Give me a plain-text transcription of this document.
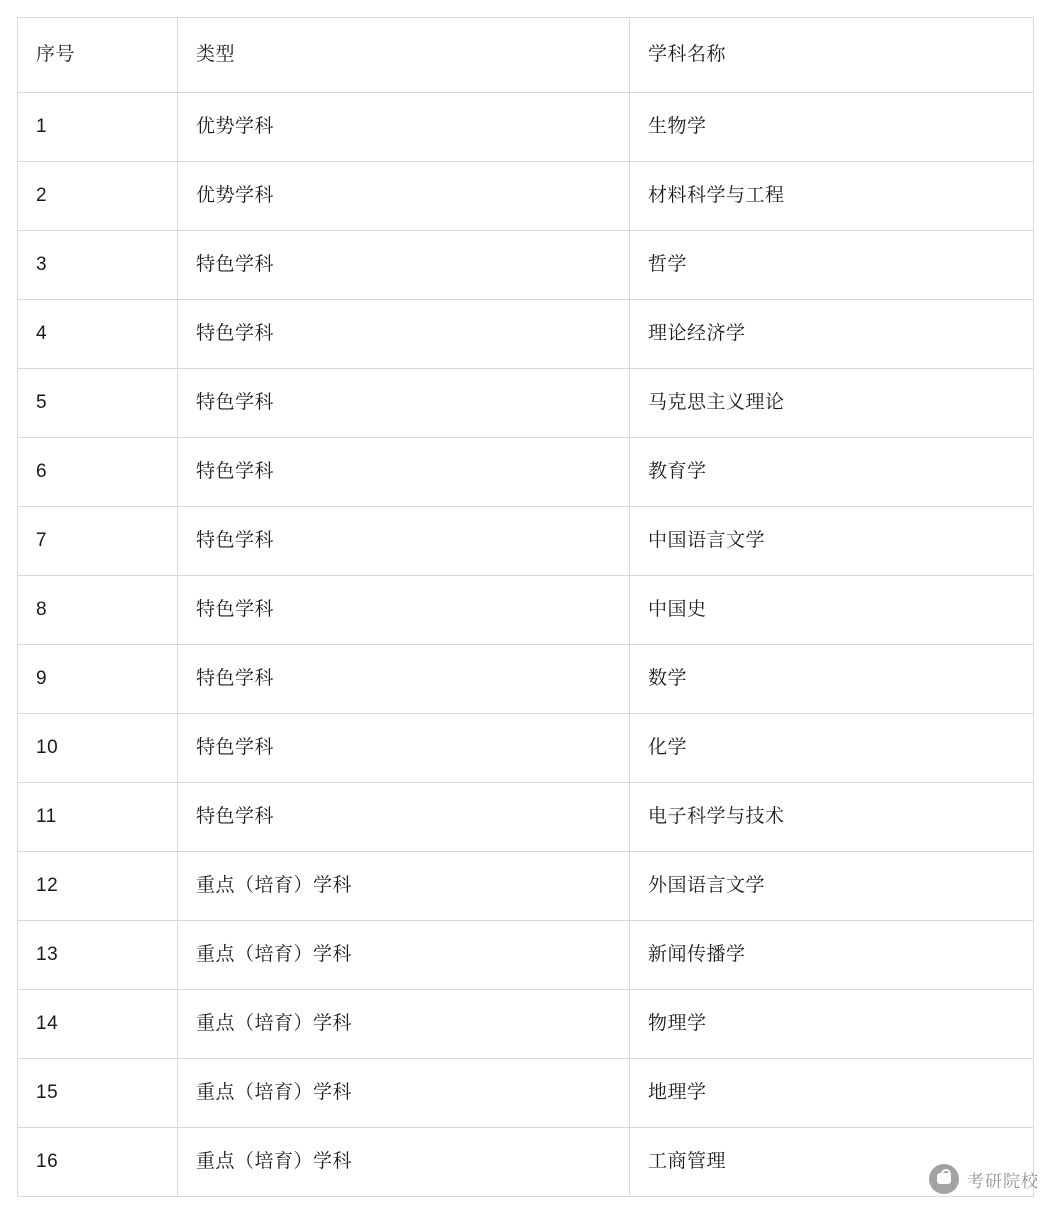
序号	类型	学科名称
1	优势学科	生物学
2	优势学科	材料科学与工程
3	特色学科	哲学
4	特色学科	理论经济学
5	特色学科	马克思主义理论
6	特色学科	教育学
7	特色学科	中国语言文学
8	特色学科	中国史
9	特色学科	数学
10	特色学科	化学
11	特色学科	电子科学与技术
12	重点（培育）学科	外国语言文学
13	重点（培育）学科	新闻传播学
14	重点（培育）学科	物理学
15	重点（培育）学科	地理学
16	重点（培育）学科	工商管理
考研院校
